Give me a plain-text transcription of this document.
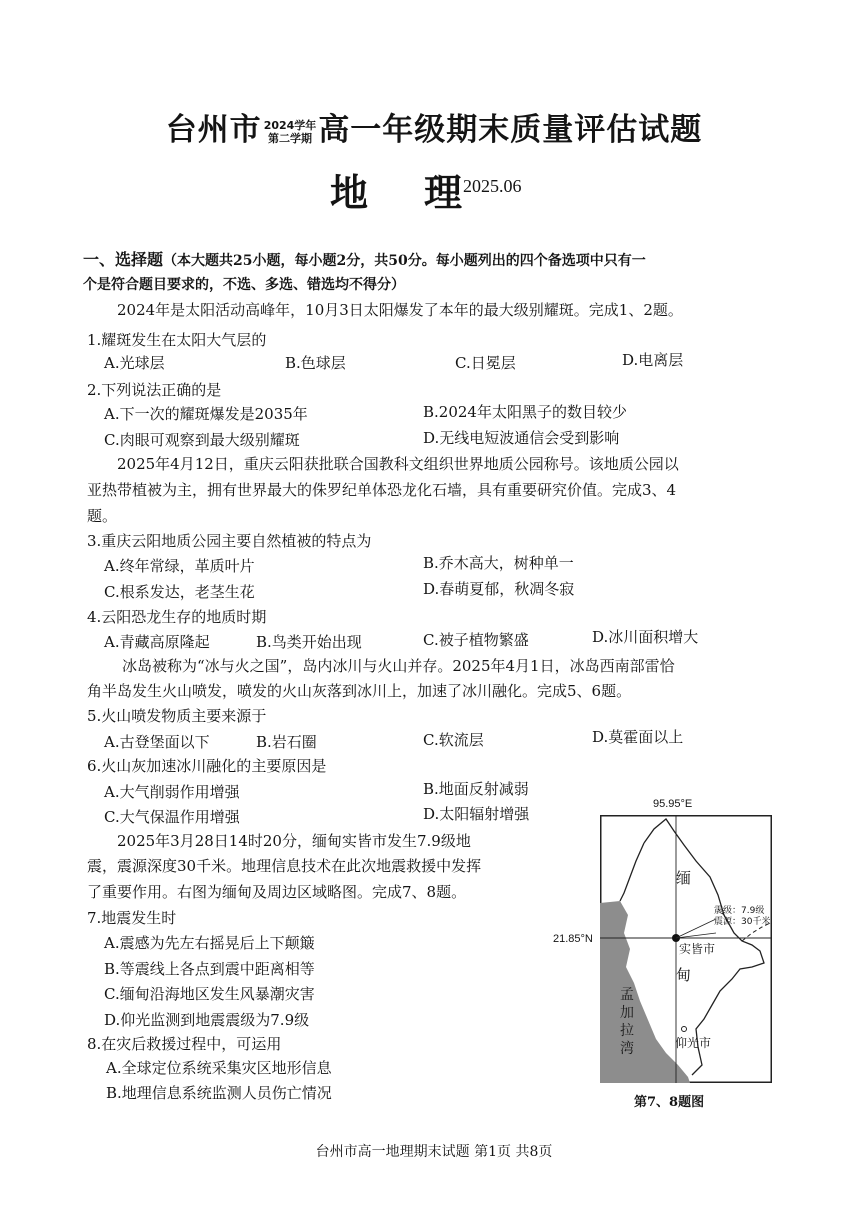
台州市 2024学年
第二学期 高一年级期末质量评估试题
地 理 2025.06
一、选择题（本大题共25小题，每小题2分，共50分。每小题列出的四个备选项中只有一
个是符合题目要求的，不选、多选、错选均不得分）
2024年是太阳活动高峰年，10月3日太阳爆发了本年的最大级别耀斑。完成1、2题。
1.耀斑发生在太阳大气层的
A.光球层	B.色球层	C.日冕层	D.电离层
2.下列说法正确的是
A.下一次的耀斑爆发是2035年	B.2024年太阳黑子的数目较少
C.肉眼可观察到最大级别耀斑	D.无线电短波通信会受到影响
2025年4月12日，重庆云阳获批联合国教科文组织世界地质公园称号。该地质公园以
亚热带植被为主，拥有世界最大的侏罗纪单体恐龙化石墙，具有重要研究价值。完成3、4
题。
3.重庆云阳地质公园主要自然植被的特点为
A.终年常绿，革质叶片	B.乔木高大，树种单一
C.根系发达，老茎生花	D.春萌夏郁，秋凋冬寂
4.云阳恐龙生存的地质时期
A.青藏高原隆起	B.鸟类开始出现	C.被子植物繁盛	D.冰川面积增大
冰岛被称为“冰与火之国”，岛内冰川与火山并存。2025年4月1日，冰岛西南部雷恰
角半岛发生火山喷发，喷发的火山灰落到冰川上，加速了冰川融化。完成5、6题。
5.火山喷发物质主要来源于
A.古登堡面以下	B.岩石圈	C.软流层	D.莫霍面以上
6.火山灰加速冰川融化的主要原因是
A.大气削弱作用增强	B.地面反射减弱
C.大气保温作用增强	D.太阳辐射增强
2025年3月28日14时20分，缅甸实皆市发生7.9级地
震，震源深度30千米。地理信息技术在此次地震救援中发挥
了重要作用。右图为缅甸及周边区域略图。完成7、8题。
7.地震发生时
A.震感为先左右摇晃后上下颠簸
B.等震线上各点到震中距离相等
C.缅甸沿海地区发生风暴潮灾害
D.仰光监测到地震震级为7.9级
8.在灾后救援过程中，可运用
A.全球定位系统采集灾区地形信息
B.地理信息系统监测人员伤亡情况
95.95°E
21.85°N
缅
甸
震级：7.9级
震源：30千米
实皆市
仰光市
孟
加
拉
湾
第7、8题图
台州市高一地理期末试题 第1页 共8页
